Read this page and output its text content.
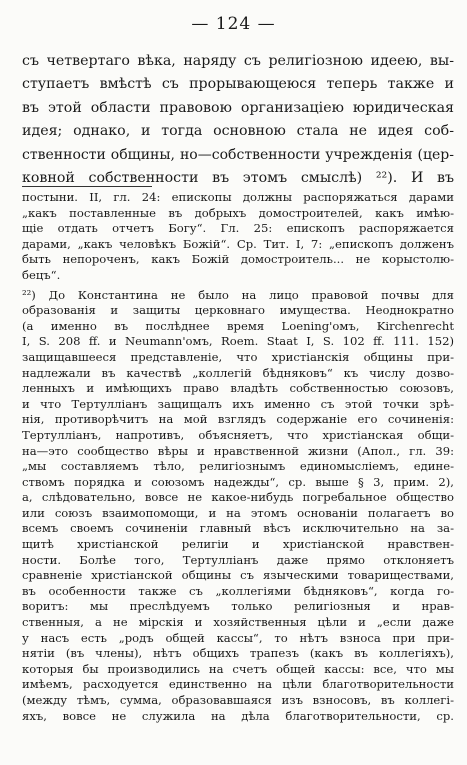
— 124 —
съ четвертаго вѣка, наряду съ религіозною идеею, вы-
ступаетъ вмѣстѣ съ прорывающеюся теперь также и
въ этой области правовою организаціею юридическая
идея; однако, и тогда основною стала не идея соб-
ственности общины, но—собственности учрежденія (цер-
ковной собственности въ этомъ смыслѣ) ²²). И въ
постыни. II, гл. 24: епископы должны распоряжаться дарами
„какъ поставленные въ добрыхъ домостроителей, какъ имѣю-
щіе отдать отчетъ Богу“. Гл. 25: епископъ распоряжается
дарами, „какъ человѣкъ Божій“. Ср. Тит. I, 7: „епископъ долженъ
быть непороченъ, какъ Божій домостроитель... не корыстолю-
бецъ“.
²²) До Константина не было на лицо правовой почвы для
образованія и защиты церковнаго имущества. Неоднократно
(а именно въ послѣднее время Loening'омъ, Kirchenrecht
I, S. 208 ff. и Neumann'омъ, Roem. Staat I, S. 102 ff. 111. 152)
защищавшееся представленіе, что христіанскія общины при-
надлежали въ качествѣ „коллегій бѣдняковъ“ къ числу дозво-
ленныхъ и имѣющихъ право владѣть собственностью союзовъ,
и что Тертулліанъ защищалъ ихъ именно съ этой точки зрѣ-
нія, противорѣчитъ на мой взглядъ содержаніе его сочиненія:
Тертулліанъ, напротивъ, объясняетъ, что христіанская общи-
на—это сообщество вѣры и нравственной жизни (Апол., гл. 39:
„мы составляемъ тѣло, религіознымъ единомысліемъ, едине-
ствомъ порядка и союзомъ надежды“, ср. выше § 3, прим. 2),
а, слѣдовательно, вовсе не какое-нибудь погребальное общество
или союзъ взаимопомощи, и на этомъ основаніи полагаетъ во
всемъ своемъ сочиненіи главный вѣсъ исключительно на за-
щитѣ христіанской религіи и христіанской нравствен-
ности. Болѣе того, Тертулліанъ даже прямо отклоняетъ
сравненіе христіанской общины съ языческими товариществами,
въ особенности также съ „коллегіями бѣдняковъ“, когда го-
воритъ: мы преслѣдуемъ только религіозныя и нрав-
ственныя, а не мірскія и хозяйственныя цѣли и „если даже
у насъ есть „родъ общей кассы“, то нѣтъ взноса при при-
нятіи (въ члены), нѣтъ общихъ трапезъ (какъ въ коллегіяхъ),
которыя бы производились на счетъ общей кассы: все, что мы
имѣемъ, расходуется единственно на цѣли благотворительности
(между тѣмъ, сумма, образовавшаяся изъ взносовъ, въ коллегі-
яхъ, вовсе не служила на дѣла благотворительности, ср.
